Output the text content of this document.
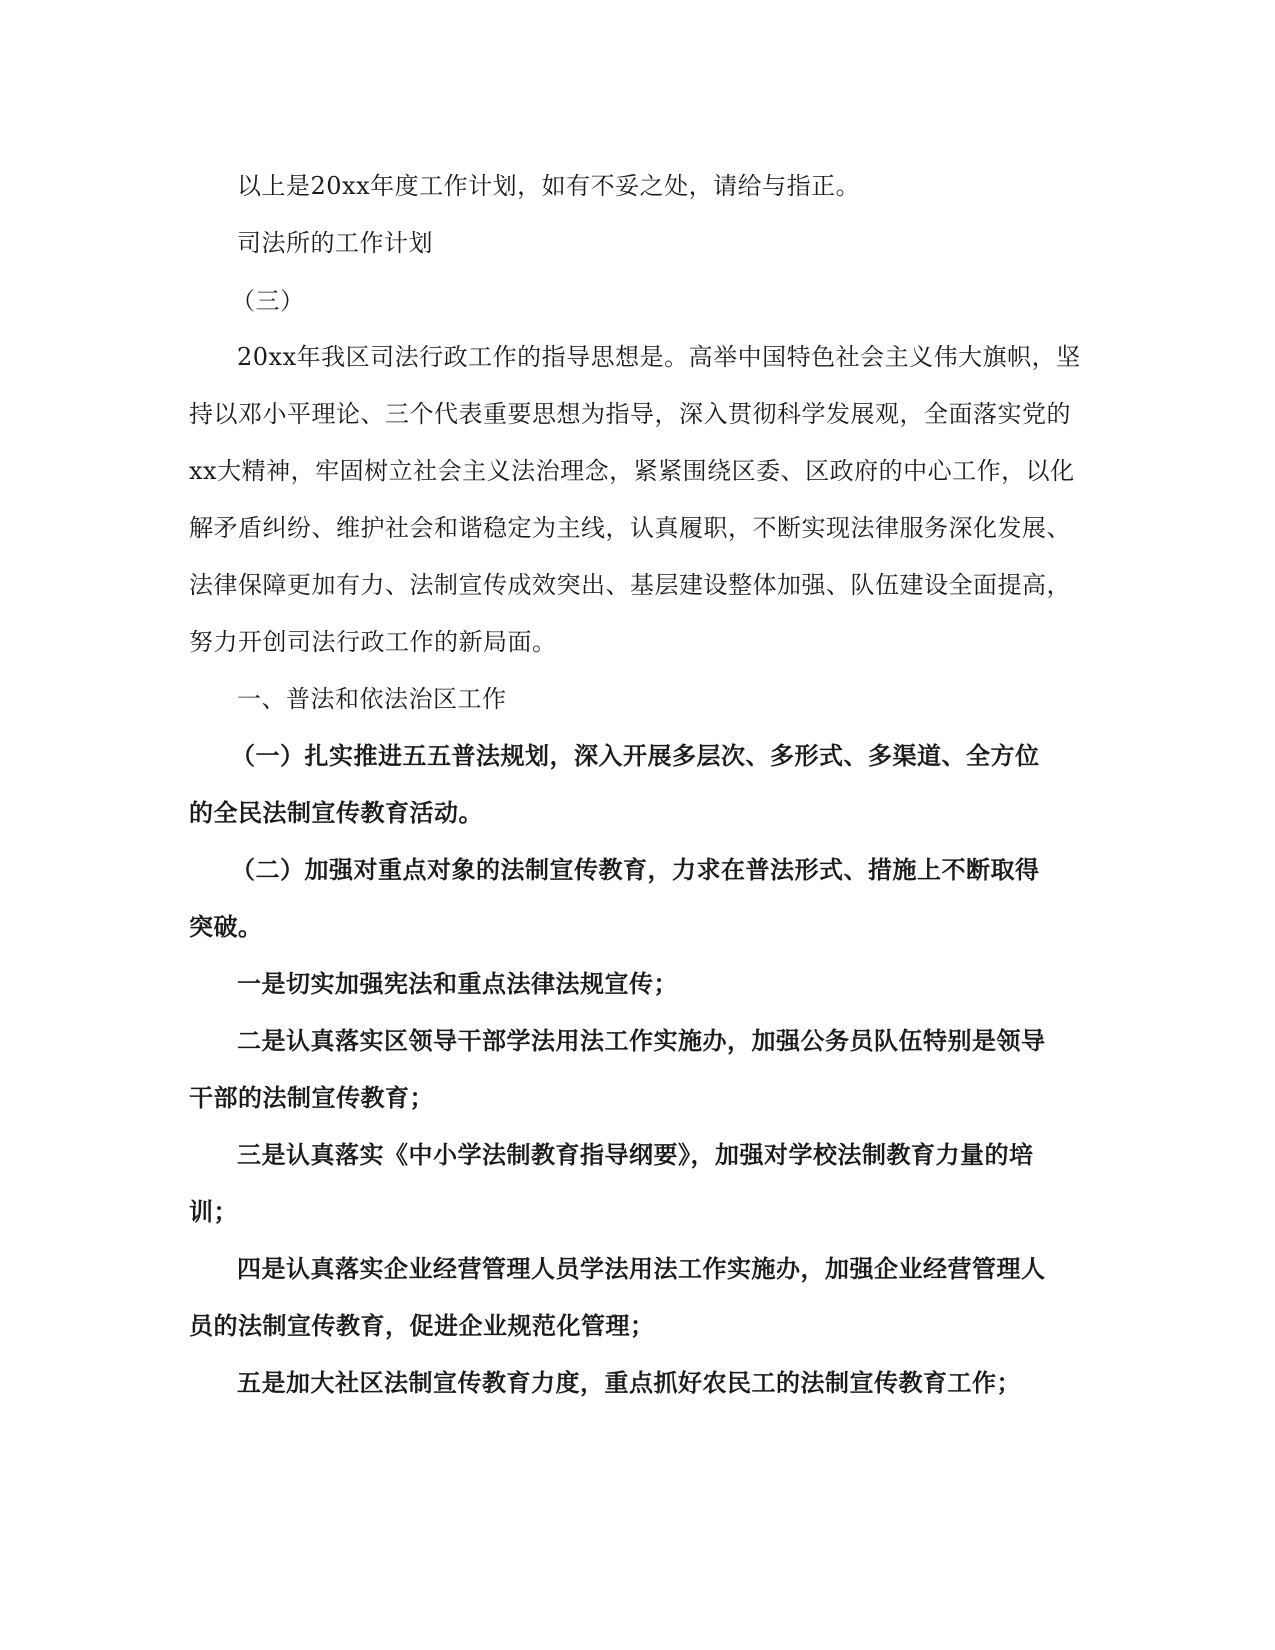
以上是20xx年度工作计划，如有不妥之处，请给与指正。
司法所的工作计划
（三）
20xx年我区司法行政工作的指导思想是。高举中国特色社会主义伟大旗帜，坚
持以邓小平理论、三个代表重要思想为指导，深入贯彻科学发展观，全面落实党的
xx大精神，牢固树立社会主义法治理念，紧紧围绕区委、区政府的中心工作，以化
解矛盾纠纷、维护社会和谐稳定为主线，认真履职，不断实现法律服务深化发展、
法律保障更加有力、法制宣传成效突出、基层建设整体加强、队伍建设全面提高，
努力开创司法行政工作的新局面。
一、普法和依法治区工作
（一）扎实推进五五普法规划，深入开展多层次、多形式、多渠道、全方位
的全民法制宣传教育活动。
（二）加强对重点对象的法制宣传教育，力求在普法形式、措施上不断取得
突破。
一是切实加强宪法和重点法律法规宣传；
二是认真落实区领导干部学法用法工作实施办，加强公务员队伍特别是领导
干部的法制宣传教育；
三是认真落实《中小学法制教育指导纲要》，加强对学校法制教育力量的培
训；
四是认真落实企业经营管理人员学法用法工作实施办，加强企业经营管理人
员的法制宣传教育，促进企业规范化管理；
五是加大社区法制宣传教育力度，重点抓好农民工的法制宣传教育工作；
